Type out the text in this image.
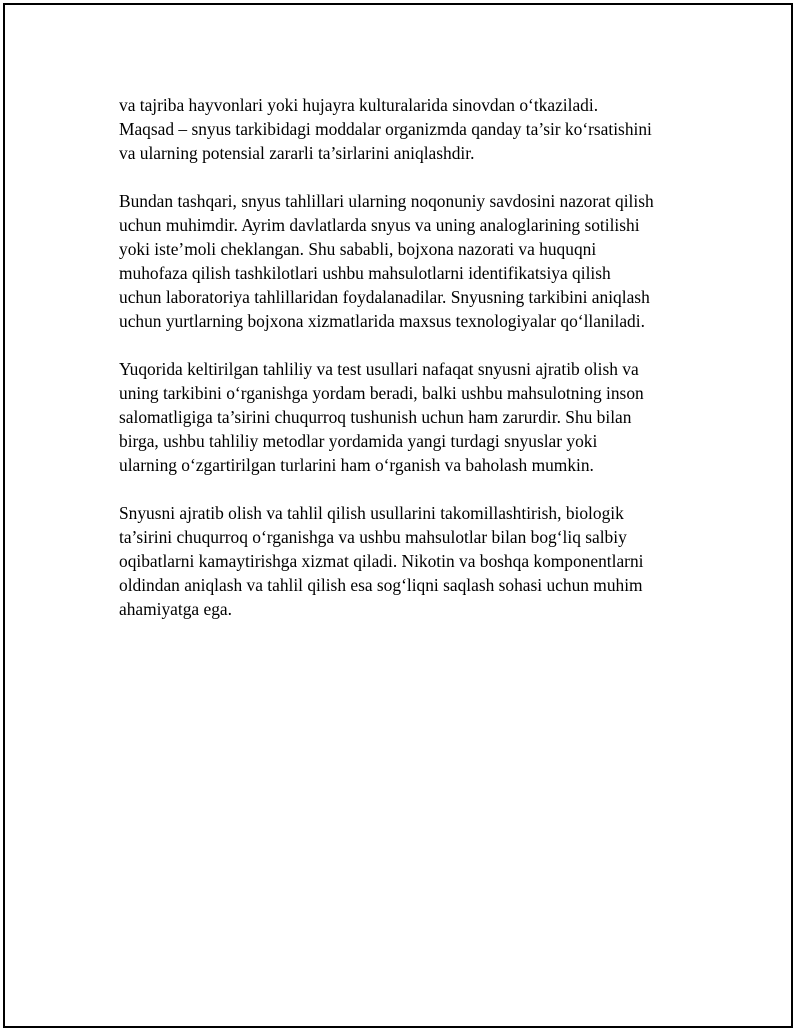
va tajriba hayvonlari yoki hujayra kulturalarida sinovdan o‘tkaziladi.
Maqsad – snyus tarkibidagi moddalar organizmda qanday ta’sir ko‘rsatishini
va ularning potensial zararli ta’sirlarini aniqlashdir.

Bundan tashqari, snyus tahlillari ularning noqonuniy savdosini nazorat qilish
uchun muhimdir. Ayrim davlatlarda snyus va uning analoglarining sotilishi
yoki iste’moli cheklangan. Shu sababli, bojxona nazorati va huquqni
muhofaza qilish tashkilotlari ushbu mahsulotlarni identifikatsiya qilish
uchun laboratoriya tahlillaridan foydalanadilar. Snyusning tarkibini aniqlash
uchun yurtlarning bojxona xizmatlarida maxsus texnologiyalar qo‘llaniladi.

Yuqorida keltirilgan tahliliy va test usullari nafaqat snyusni ajratib olish va
uning tarkibini o‘rganishga yordam beradi, balki ushbu mahsulotning inson
salomatligiga ta’sirini chuqurroq tushunish uchun ham zarurdir. Shu bilan
birga, ushbu tahliliy metodlar yordamida yangi turdagi snyuslar yoki
ularning o‘zgartirilgan turlarini ham o‘rganish va baholash mumkin.

Snyusni ajratib olish va tahlil qilish usullarini takomillashtirish, biologik
ta’sirini chuqurroq o‘rganishga va ushbu mahsulotlar bilan bog‘liq salbiy
oqibatlarni kamaytirishga xizmat qiladi. Nikotin va boshqa komponentlarni
oldindan aniqlash va tahlil qilish esa sog‘liqni saqlash sohasi uchun muhim
ahamiyatga ega.
